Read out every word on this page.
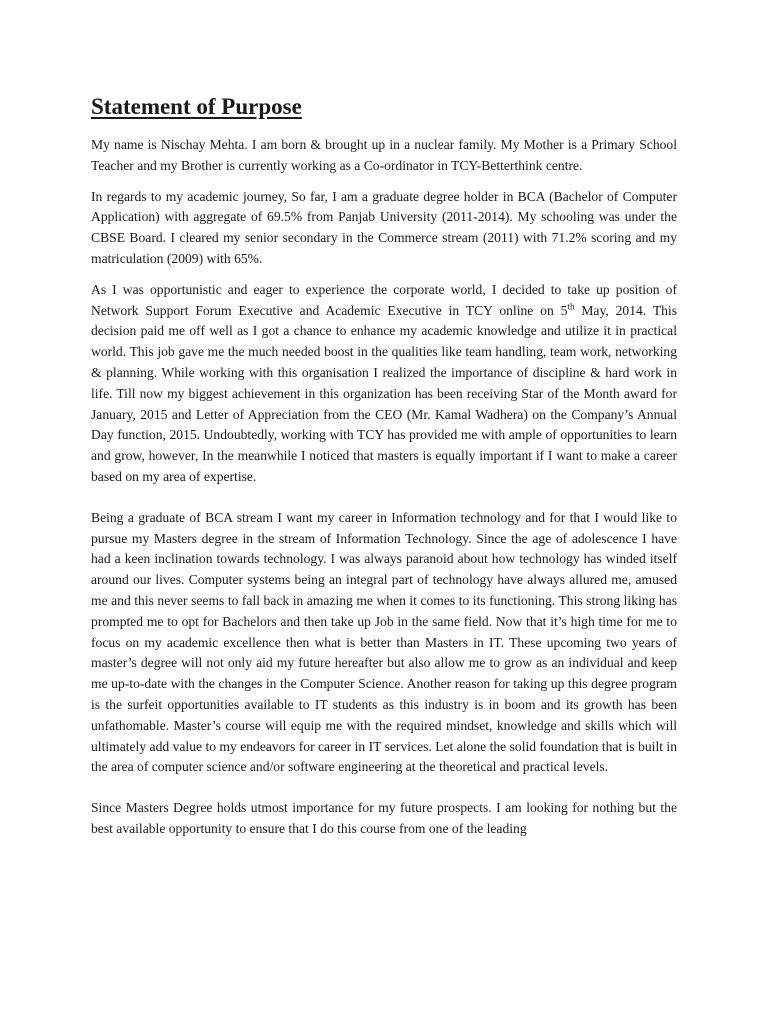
Statement of Purpose

My name is Nischay Mehta. I am born & brought up in a nuclear family. My Mother is a Primary School Teacher and my Brother is currently working as a Co-ordinator in TCY-Betterthink centre.

In regards to my academic journey, So far, I am a graduate degree holder in BCA (Bachelor of Computer Application) with aggregate of 69.5% from Panjab University (2011-2014). My schooling was under the CBSE Board. I cleared my senior secondary in the Commerce stream (2011) with 71.2% scoring and my matriculation (2009) with 65%.

As I was opportunistic and eager to experience the corporate world, I decided to take up position of Network Support Forum Executive and Academic Executive in TCY online on 5th May, 2014. This decision paid me off well as I got a chance to enhance my academic knowledge and utilize it in practical world. This job gave me the much needed boost in the qualities like team handling, team work, networking & planning. While working with this organisation I realized the importance of discipline & hard work in life. Till now my biggest achievement in this organization has been receiving Star of the Month award for January, 2015 and Letter of Appreciation from the CEO (Mr. Kamal Wadhera) on the Company’s Annual Day function, 2015. Undoubtedly, working with TCY has provided me with ample of opportunities to learn and grow, however, In the meanwhile I noticed that masters is equally important if I want to make a career based on my area of expertise.

Being a graduate of BCA stream I want my career in Information technology and for that I would like to pursue my Masters degree in the stream of Information Technology. Since the age of adolescence I have had a keen inclination towards technology. I was always paranoid about how technology has winded itself around our lives. Computer systems being an integral part of technology have always allured me, amused me and this never seems to fall back in amazing me when it comes to its functioning. This strong liking has prompted me to opt for Bachelors and then take up Job in the same field. Now that it’s high time for me to focus on my academic excellence then what is better than Masters in IT. These upcoming two years of master’s degree will not only aid my future hereafter but also allow me to grow as an individual and keep me up-to-date with the changes in the Computer Science. Another reason for taking up this degree program is the surfeit opportunities available to IT students as this industry is in boom and its growth has been unfathomable. Master’s course will equip me with the required mindset, knowledge and skills which will ultimately add value to my endeavors for career in IT services. Let alone the solid foundation that is built in the area of computer science and/or software engineering at the theoretical and practical levels.

Since Masters Degree holds utmost importance for my future prospects. I am looking for nothing but the best available opportunity to ensure that I do this course from one of the leading
